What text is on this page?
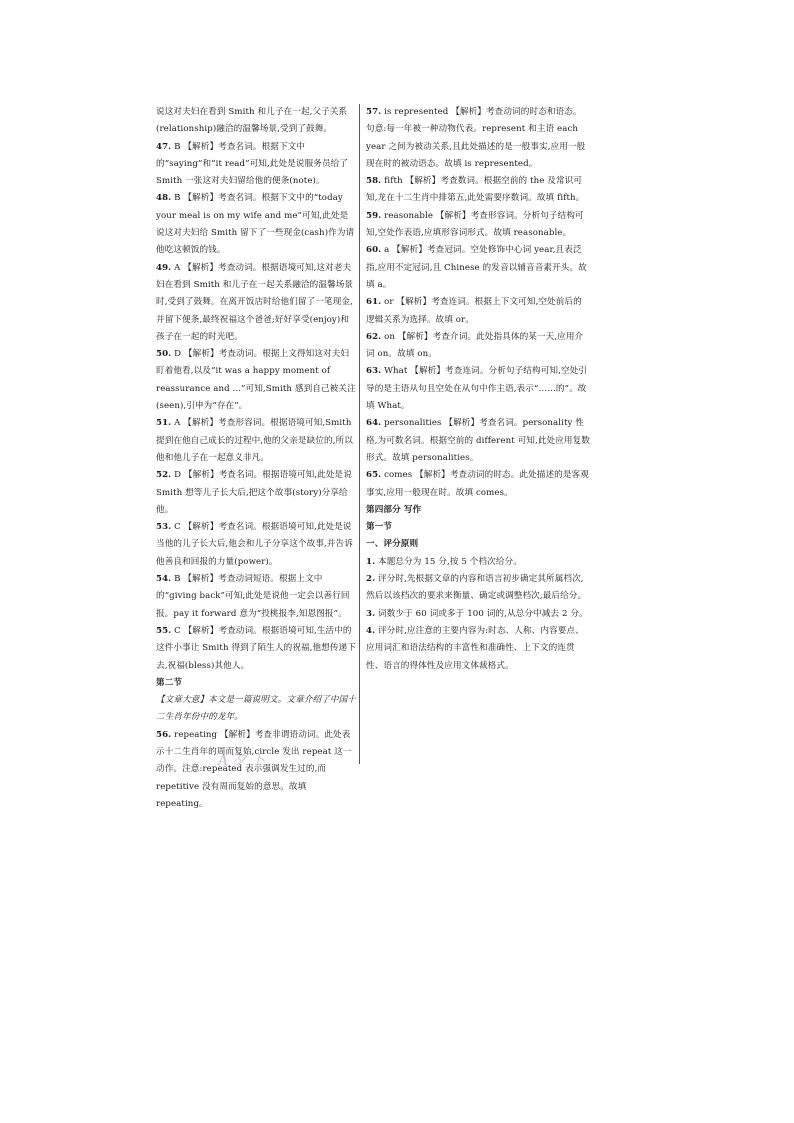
说这对夫妇在看到 Smith 和儿子在一起,父子关系(relationship)融洽的温馨场景,受到了鼓舞。
47. B 【解析】考查名词。根据下文中的“saying”和“it read”可知,此处是说服务员给了 Smith 一张这对夫妇留给他的便条(note)。
48. B 【解析】考查名词。根据下文中的“today your meal is on my wife and me”可知,此处是说这对夫妇给 Smith 留下了一些现金(cash)作为请他吃这顿饭的钱。
49. A 【解析】考查动词。根据语境可知,这对老夫妇在看到 Smith 和儿子在一起关系融洽的温馨场景时,受到了鼓舞。在离开饭店时给他们留了一笔现金,并留下便条,最终祝福这个爸爸;好好享受(enjoy)和孩子在一起的时光吧。
50. D 【解析】考查动词。根据上文得知这对夫妇盯着他看,以及“it was a happy moment of reassurance and ...”可知,Smith 感到自己被关注(seen),引申为“存在”。
51. A 【解析】考查形容词。根据语境可知,Smith 提到在他自己成长的过程中,他的父亲是缺位的,所以他和他儿子在一起意义非凡。
52. D 【解析】考查名词。根据语境可知,此处是说 Smith 想等儿子长大后,把这个故事(story)分享给他。
53. C 【解析】考查名词。根据语境可知,此处是说当他的儿子长大后,他会和儿子分享这个故事,并告诉他善良和回报的力量(power)。
54. B 【解析】考查动词短语。根据上文中的“giving back”可知,此处是说他一定会以善行回报。pay it forward 意为“投桃报李,知恩图报”。
55. C 【解析】考查动词。根据语境可知,生活中的这件小事让 Smith 得到了陌生人的祝福,他想传递下去,祝福(bless)其他人。
第二节
【文章大意】本文是一篇说明文。文章介绍了中国十二生肖年份中的龙年。
56. repeating 【解析】考查非谓语动词。此处表示十二生肖年的周而复始,circle 发出 repeat 这一动作。注意:repeated 表示强调发生过的,而 repetitive 没有周而复始的意思。故填 repeating。
57. is represented 【解析】考查动词的时态和语态。句意:每一年被一种动物代表。represent 和主语 each year 之间为被动关系,且此处描述的是一般事实,应用一般现在时的被动语态。故填 is represented。
58. fifth 【解析】考查数词。根据空前的 the 及常识可知,龙在十二生肖中排第五,此处需要序数词。故填 fifth。
59. reasonable 【解析】考查形容词。分析句子结构可知,空处作表语,应填形容词形式。故填 reasonable。
60. a 【解析】考查冠词。空处修饰中心词 year,且表泛指,应用不定冠词,且 Chinese 的发音以辅音音素开头。故填 a。
61. or 【解析】考查连词。根据上下文可知,空处前后的逻辑关系为选择。故填 or。
62. on 【解析】考查介词。此处指具体的某一天,应用介词 on。故填 on。
63. What 【解析】考查连词。分析句子结构可知,空处引导的是主语从句且空处在从句中作主语,表示“……的”。故填 What。
64. personalities 【解析】考查名词。personality 性格,为可数名词。根据空前的 different 可知,此处应用复数形式。故填 personalities。
65. comes 【解析】考查动词的时态。此处描述的是客观事实,应用一般现在时。故填 comes。
第四部分 写作
第一节
一、评分原则
1. 本题总分为 15 分,按 5 个档次给分。
2. 评分时,先根据文章的内容和语言初步确定其所属档次,然后以该档次的要求来衡量、确定或调整档次,最后给分。
3. 词数少于 60 词或多于 100 词的,从总分中减去 2 分。
4. 评分时,应注意的主要内容为:时态、人称、内容要点、应用词汇和语法结构的丰富性和准确性、上下文的连贯性、语言的得体性及应用文体裁格式。
A 夕 卜
